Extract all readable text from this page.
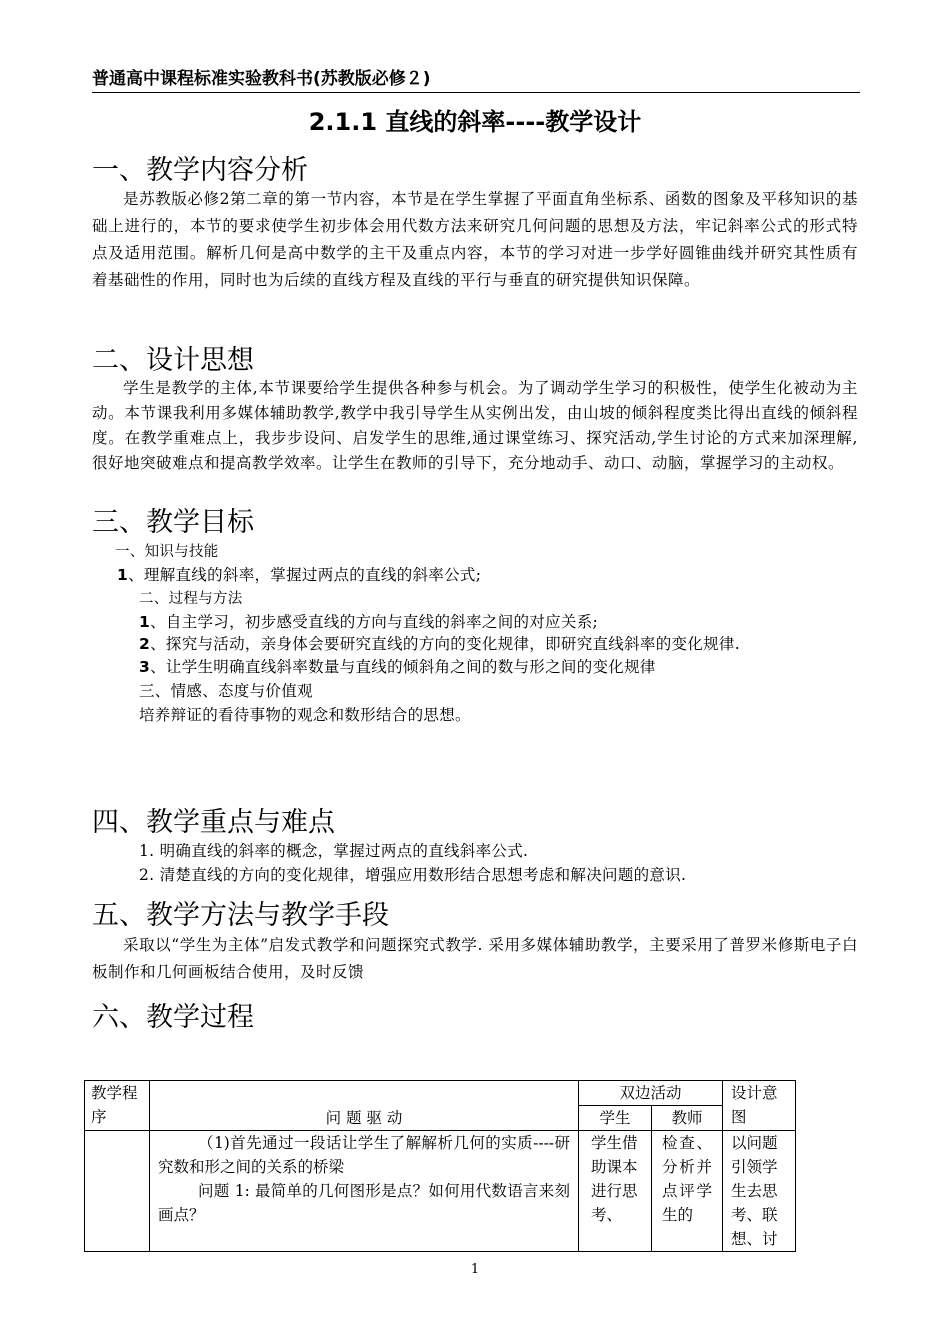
普通高中课程标准实验教科书(苏教版必修２)
2.1.1 直线的斜率----教学设计
一、教学内容分析
是苏教版必修2第二章的第一节内容，本节是在学生掌握了平面直角坐标系、函数的图象及平移知识的基础上进行的，本节的要求使学生初步体会用代数方法来研究几何问题的思想及方法，牢记斜率公式的形式特点及适用范围。解析几何是高中数学的主干及重点内容，本节的学习对进一步学好圆锥曲线并研究其性质有着基础性的作用，同时也为后续的直线方程及直线的平行与垂直的研究提供知识保障。
二、设计思想
学生是教学的主体,本节课要给学生提供各种参与机会。为了调动学生学习的积极性，使学生化被动为主动。本节课我利用多媒体辅助教学,教学中我引导学生从实例出发，由山坡的倾斜程度类比得出直线的倾斜程度。在教学重难点上，我步步设问、启发学生的思维,通过课堂练习、探究活动,学生讨论的方式来加深理解,很好地突破难点和提高教学效率。让学生在教师的引导下，充分地动手、动口、动脑，掌握学习的主动权。
三、教学目标
一、知识与技能
1、理解直线的斜率，掌握过两点的直线的斜率公式;
二、过程与方法
1、自主学习，初步感受直线的方向与直线的斜率之间的对应关系;
2、探究与活动，亲身体会要研究直线的方向的变化规律，即研究直线斜率的变化规律.
3、让学生明确直线斜率数量与直线的倾斜角之间的数与形之间的变化规律
三、情感、态度与价值观
培养辩证的看待事物的观念和数形结合的思想。
四、教学重点与难点
1. 明确直线的斜率的概念，掌握过两点的直线斜率公式.
2. 清楚直线的方向的变化规律，增强应用数形结合思想考虑和解决问题的意识.
五、教学方法与教学手段
采取以“学生为主体”启发式教学和问题探究式教学. 采用多媒体辅助教学，主要采用了普罗米修斯电子白板制作和几何画板结合使用，及时反馈
六、教学过程
教学程序	问 题 驱 动	双边活动		设计意图
		学生	教师	

	（1)首先通过一段话让学生了解解析几何的实质----研究数和形之间的关系的桥梁
问题 1: 最简单的几何图形是点？如何用代数语言来刻画点？	学生借助课本进行思考、	检查、分析并点评学生的	以问题引领学生去思考、联想、讨
1
